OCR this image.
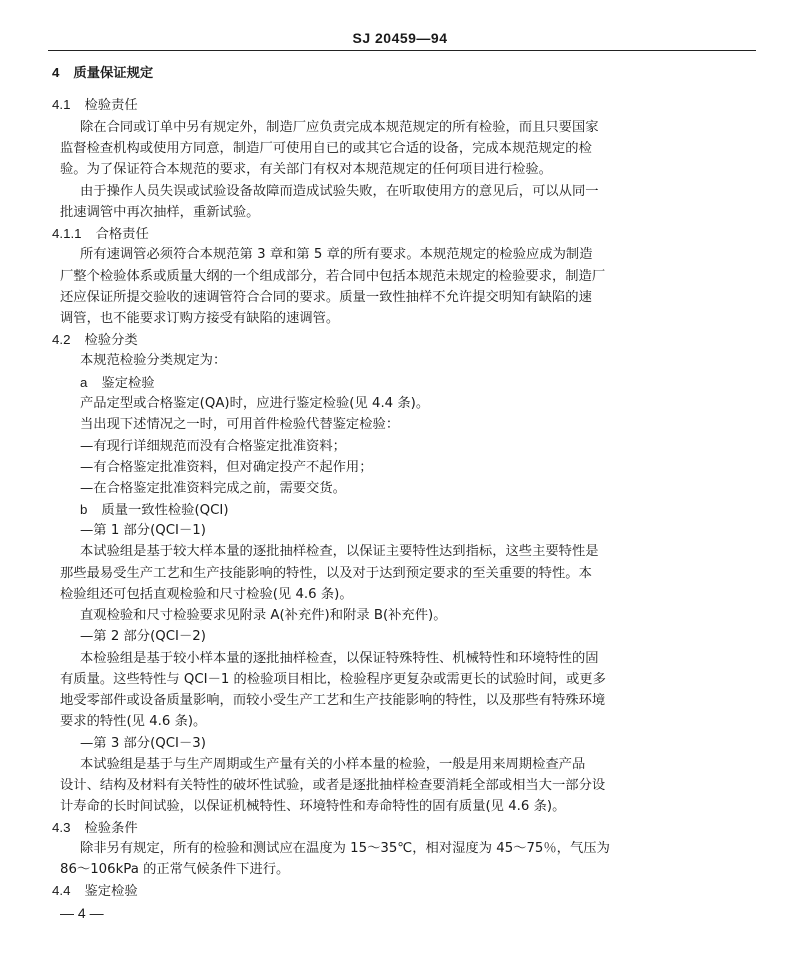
SJ 20459—94
4 质量保证规定
4.1 检验责任
除在合同或订单中另有规定外，制造厂应负责完成本规范规定的所有检验，而且只要国家
监督检查机构或使用方同意，制造厂可使用自已的或其它合适的设备，完成本规范规定的检
验。为了保证符合本规范的要求，有关部门有权对本规范规定的任何项目进行检验。
由于操作人员失误或试验设备故障而造成试验失败，在听取使用方的意见后，可以从同一
批速调管中再次抽样，重新试验。
4.1.1 合格责任
所有速调管必须符合本规范第 3 章和第 5 章的所有要求。本规范规定的检验应成为制造
厂整个检验体系或质量大纲的一个组成部分，若合同中包括本规范未规定的检验要求，制造厂
还应保证所提交验收的速调管符合合同的要求。质量一致性抽样不允许提交明知有缺陷的速
调管，也不能要求订购方接受有缺陷的速调管。
4.2 检验分类
本规范检验分类规定为：
a 鉴定检验
产品定型或合格鉴定(QA)时，应进行鉴定检验(见 4.4 条)。
当出现下述情况之一时，可用首件检验代替鉴定检验：
—有现行详细规范而没有合格鉴定批准资料；
—有合格鉴定批准资料，但对确定投产不起作用；
—在合格鉴定批准资料完成之前，需要交货。
b 质量一致性检验(QCI)
—第 1 部分(QCI－1)
本试验组是基于较大样本量的逐批抽样检查，以保证主要特性达到指标，这些主要特性是
那些最易受生产工艺和生产技能影响的特性，以及对于达到预定要求的至关重要的特性。本
检验组还可包括直观检验和尺寸检验(见 4.6 条)。
直观检验和尺寸检验要求见附录 A(补充件)和附录 B(补充件)。
—第 2 部分(QCI－2)
本检验组是基于较小样本量的逐批抽样检查，以保证特殊特性、机械特性和环境特性的固
有质量。这些特性与 QCI－1 的检验项目相比，检验程序更复杂或需更长的试验时间，或更多
地受零部件或设备质量影响，而较小受生产工艺和生产技能影响的特性，以及那些有特殊环境
要求的特性(见 4.6 条)。
—第 3 部分(QCI－3)
本试验组是基于与生产周期或生产量有关的小样本量的检验，一般是用来周期检查产品
设计、结构及材料有关特性的破坏性试验，或者是逐批抽样检查要消耗全部或相当大一部分设
计寿命的长时间试验，以保证机械特性、环境特性和寿命特性的固有质量(见 4.6 条)。
4.3 检验条件
除非另有规定，所有的检验和测试应在温度为 15～35℃，相对湿度为 45～75％，气压为
86～106kPa 的正常气候条件下进行。
4.4 鉴定检验
— 4 —
